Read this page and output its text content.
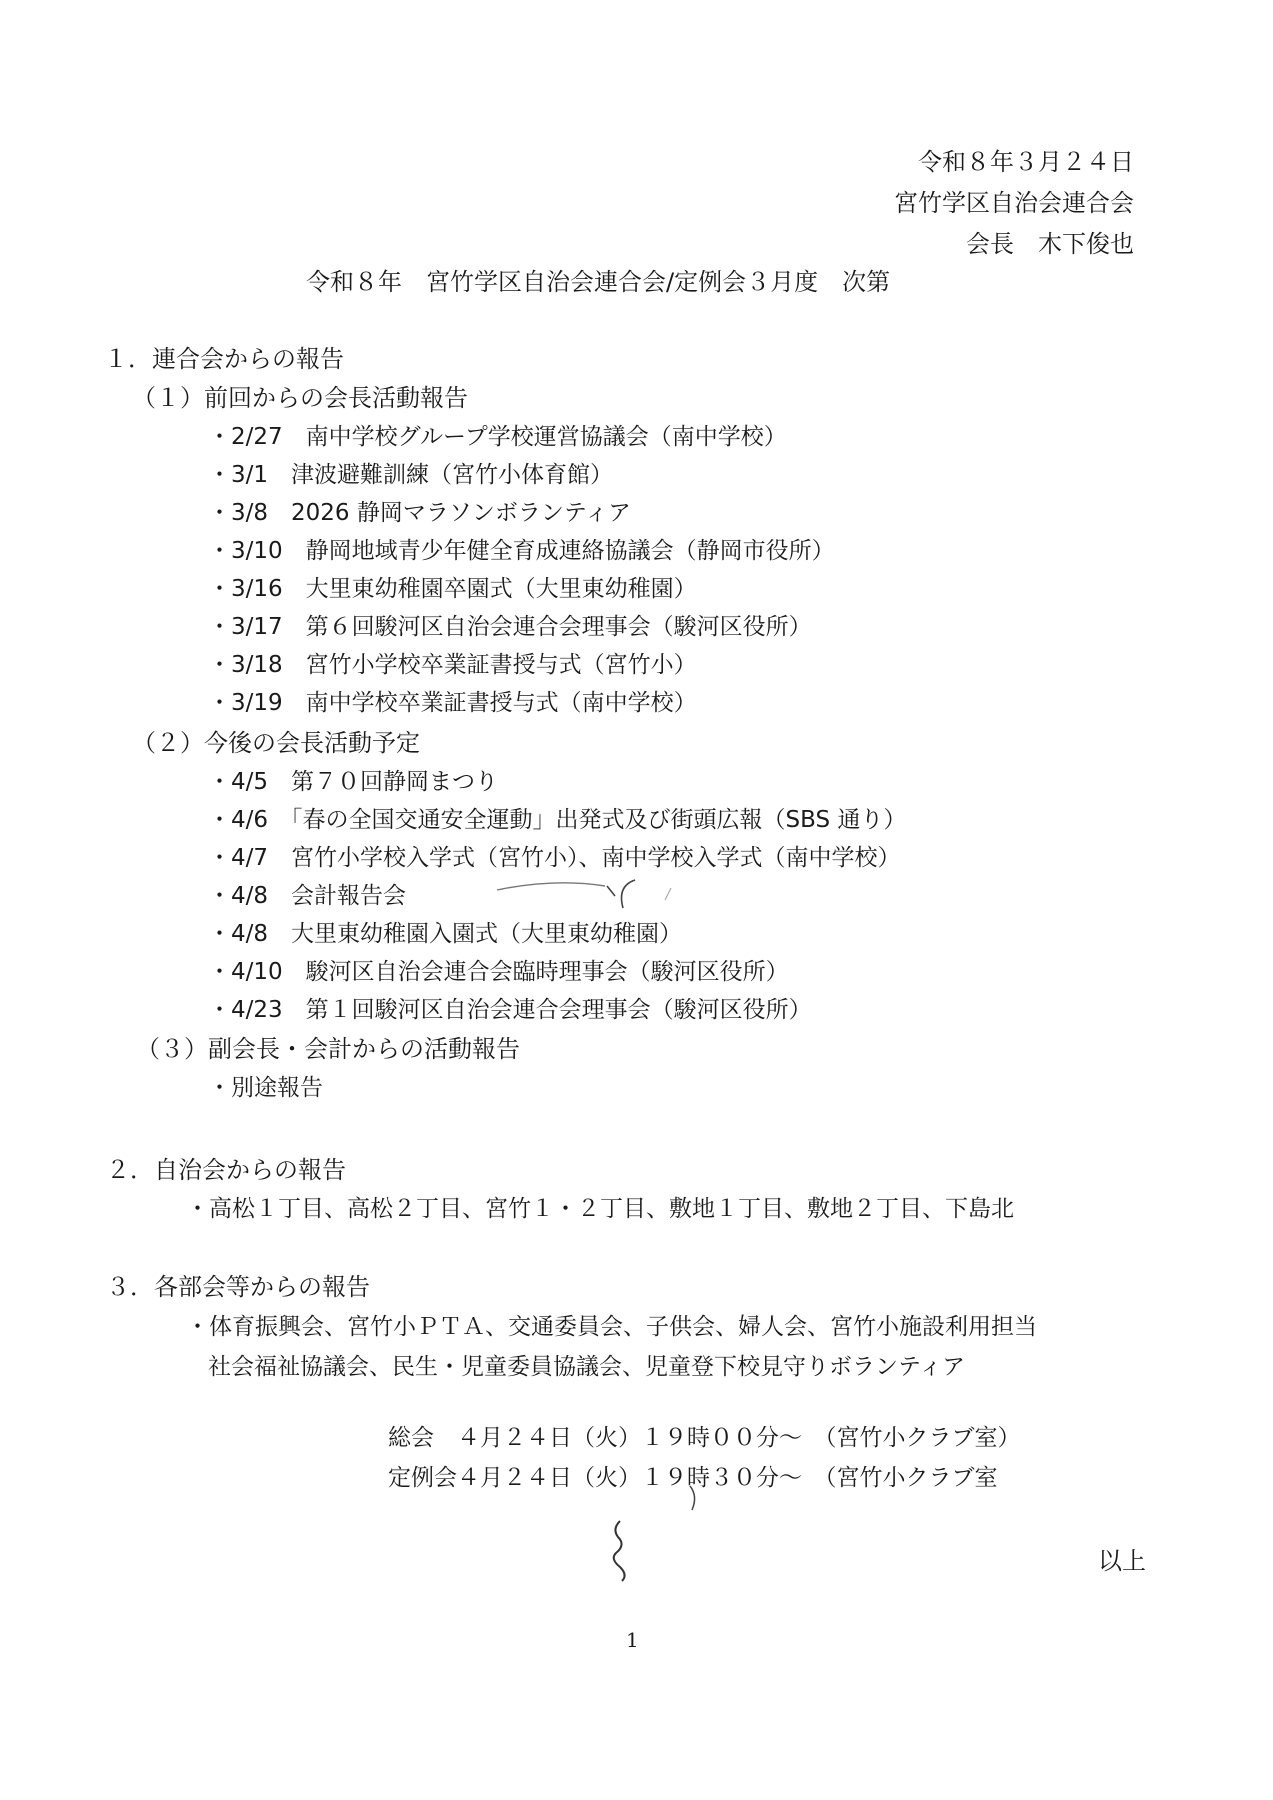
令和８年３月２４日
宮竹学区自治会連合会
会長　木下俊也
令和８年　宮竹学区自治会連合会/定例会３月度　次第
１．連合会からの報告
（１）前回からの会長活動報告
・2/27　南中学校グループ学校運営協議会（南中学校）
・3/1　津波避難訓練（宮竹小体育館）
・3/8　2026 静岡マラソンボランティア
・3/10　静岡地域青少年健全育成連絡協議会（静岡市役所）
・3/16　大里東幼稚園卒園式（大里東幼稚園）
・3/17　第６回駿河区自治会連合会理事会（駿河区役所）
・3/18　宮竹小学校卒業証書授与式（宮竹小）
・3/19　南中学校卒業証書授与式（南中学校）
（２）今後の会長活動予定
・4/5　第７０回静岡まつり
・4/6　「春の全国交通安全運動」出発式及び街頭広報（SBS 通り）
・4/7　宮竹小学校入学式（宮竹小）、南中学校入学式（南中学校）
・4/8　会計報告会
・4/8　大里東幼稚園入園式（大里東幼稚園）
・4/10　駿河区自治会連合会臨時理事会（駿河区役所）
・4/23　第１回駿河区自治会連合会理事会（駿河区役所）
（３）副会長・会計からの活動報告
・別途報告
２．自治会からの報告
・高松１丁目、高松２丁目、宮竹１・２丁目、敷地１丁目、敷地２丁目、下島北
３．各部会等からの報告
・体育振興会、宮竹小ＰＴＡ、交通委員会、子供会、婦人会、宮竹小施設利用担当
社会福祉協議会、民生・児童委員協議会、児童登下校見守りボランティア
総会　４月２４日（火）１９時００分～　（宮竹小クラブ室）
定例会４月２４日（火）１９時３０分～　（宮竹小クラブ室
以上
1
